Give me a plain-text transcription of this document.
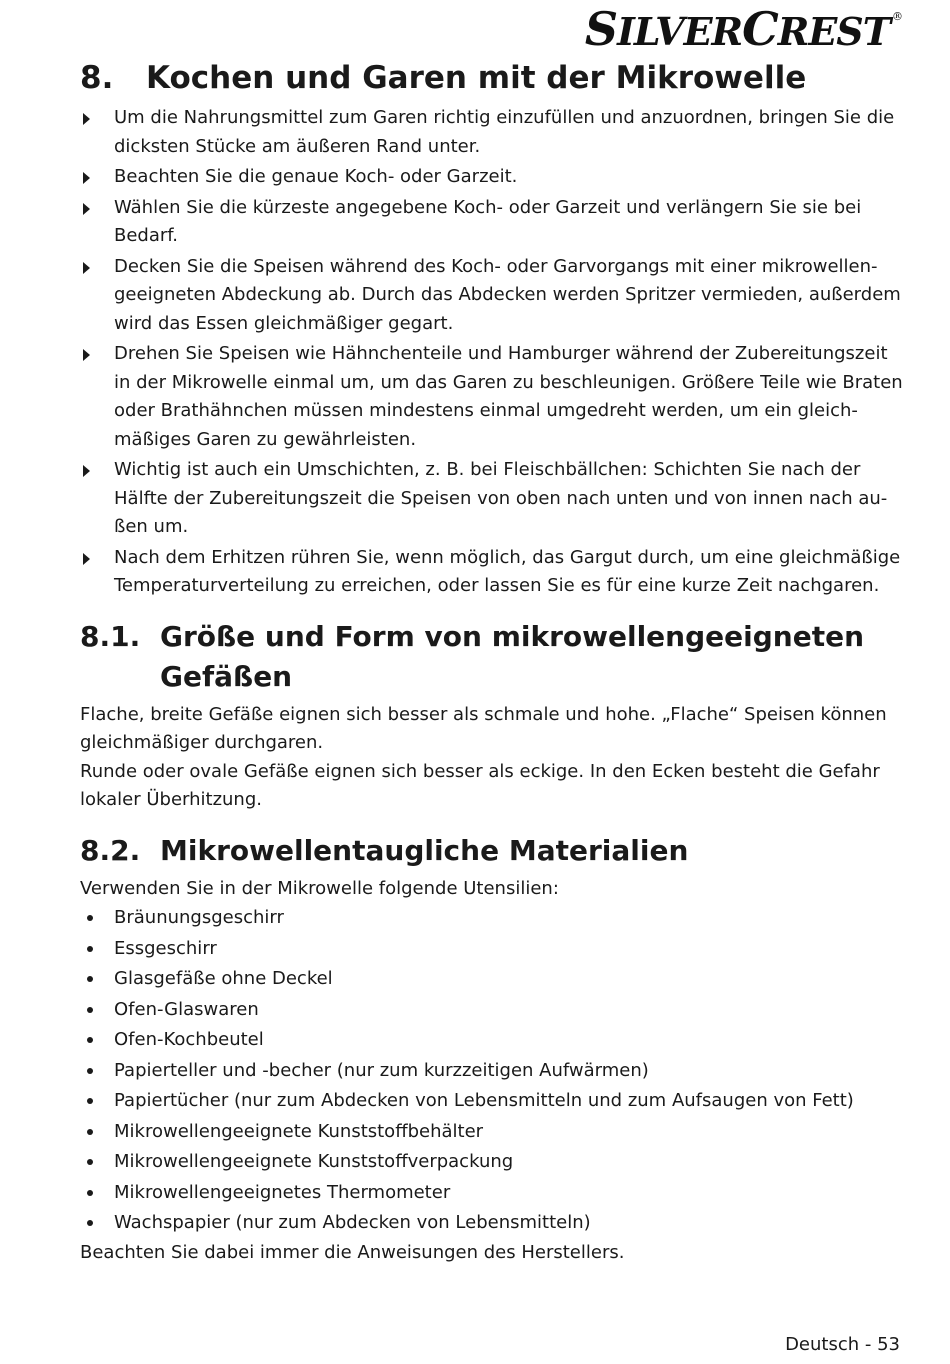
SILVERCREST ®
8.	Kochen und Garen mit der Mikrowelle
Um die Nahrungsmittel zum Garen richtig einzufüllen und anzuordnen, bringen Sie die dicksten Stücke am äußeren Rand unter.
Beachten Sie die genaue Koch- oder Garzeit.
Wählen Sie die kürzeste angegebene Koch- oder Garzeit und verlängern Sie sie bei Bedarf.
Decken Sie die Speisen während des Koch- oder Garvorgangs mit einer mikrowellengeeigneten Abdeckung ab. Durch das Abdecken werden Spritzer vermieden, außerdem wird das Essen gleichmäßiger gegart.
Drehen Sie Speisen wie Hähnchenteile und Hamburger während der Zubereitungszeit in der Mikrowelle einmal um, um das Garen zu beschleunigen. Größere Teile wie Braten oder Brathähnchen müssen mindestens einmal umgedreht werden, um ein gleichmäßiges Garen zu gewährleisten.
Wichtig ist auch ein Umschichten, z. B. bei Fleischbällchen: Schichten Sie nach der Hälfte der Zubereitungszeit die Speisen von oben nach unten und von innen nach außen um.
Nach dem Erhitzen rühren Sie, wenn möglich, das Gargut durch, um eine gleichmäßige Temperaturverteilung zu erreichen, oder lassen Sie es für eine kurze Zeit nachgaren.
8.1. Größe und Form von mikrowellengeeigneten Gefäßen

Flache, breite Gefäße eignen sich besser als schmale und hohe. „Flache“ Speisen können gleichmäßiger durchgaren.

Runde oder ovale Gefäße eignen sich besser als eckige. In den Ecken besteht die Gefahr lokaler Überhitzung.

8.2. Mikrowellentaugliche Materialien

Verwenden Sie in der Mikrowelle folgende Utensilien:

Bräunungsgeschirr
Essgeschirr
Glasgefäße ohne Deckel
Ofen-Glaswaren
Ofen-Kochbeutel
Papierteller und -becher (nur zum kurzzeitigen Aufwärmen)
Papiertücher (nur zum Abdecken von Lebensmitteln und zum Aufsaugen von Fett)
Mikrowellengeeignete Kunststoffbehälter
Mikrowellengeeignete Kunststoffverpackung
Mikrowellengeeignetes Thermometer
Wachspapier (nur zum Abdecken von Lebensmitteln)

Beachten Sie dabei immer die Anweisungen des Herstellers.

Deutsch - 53
